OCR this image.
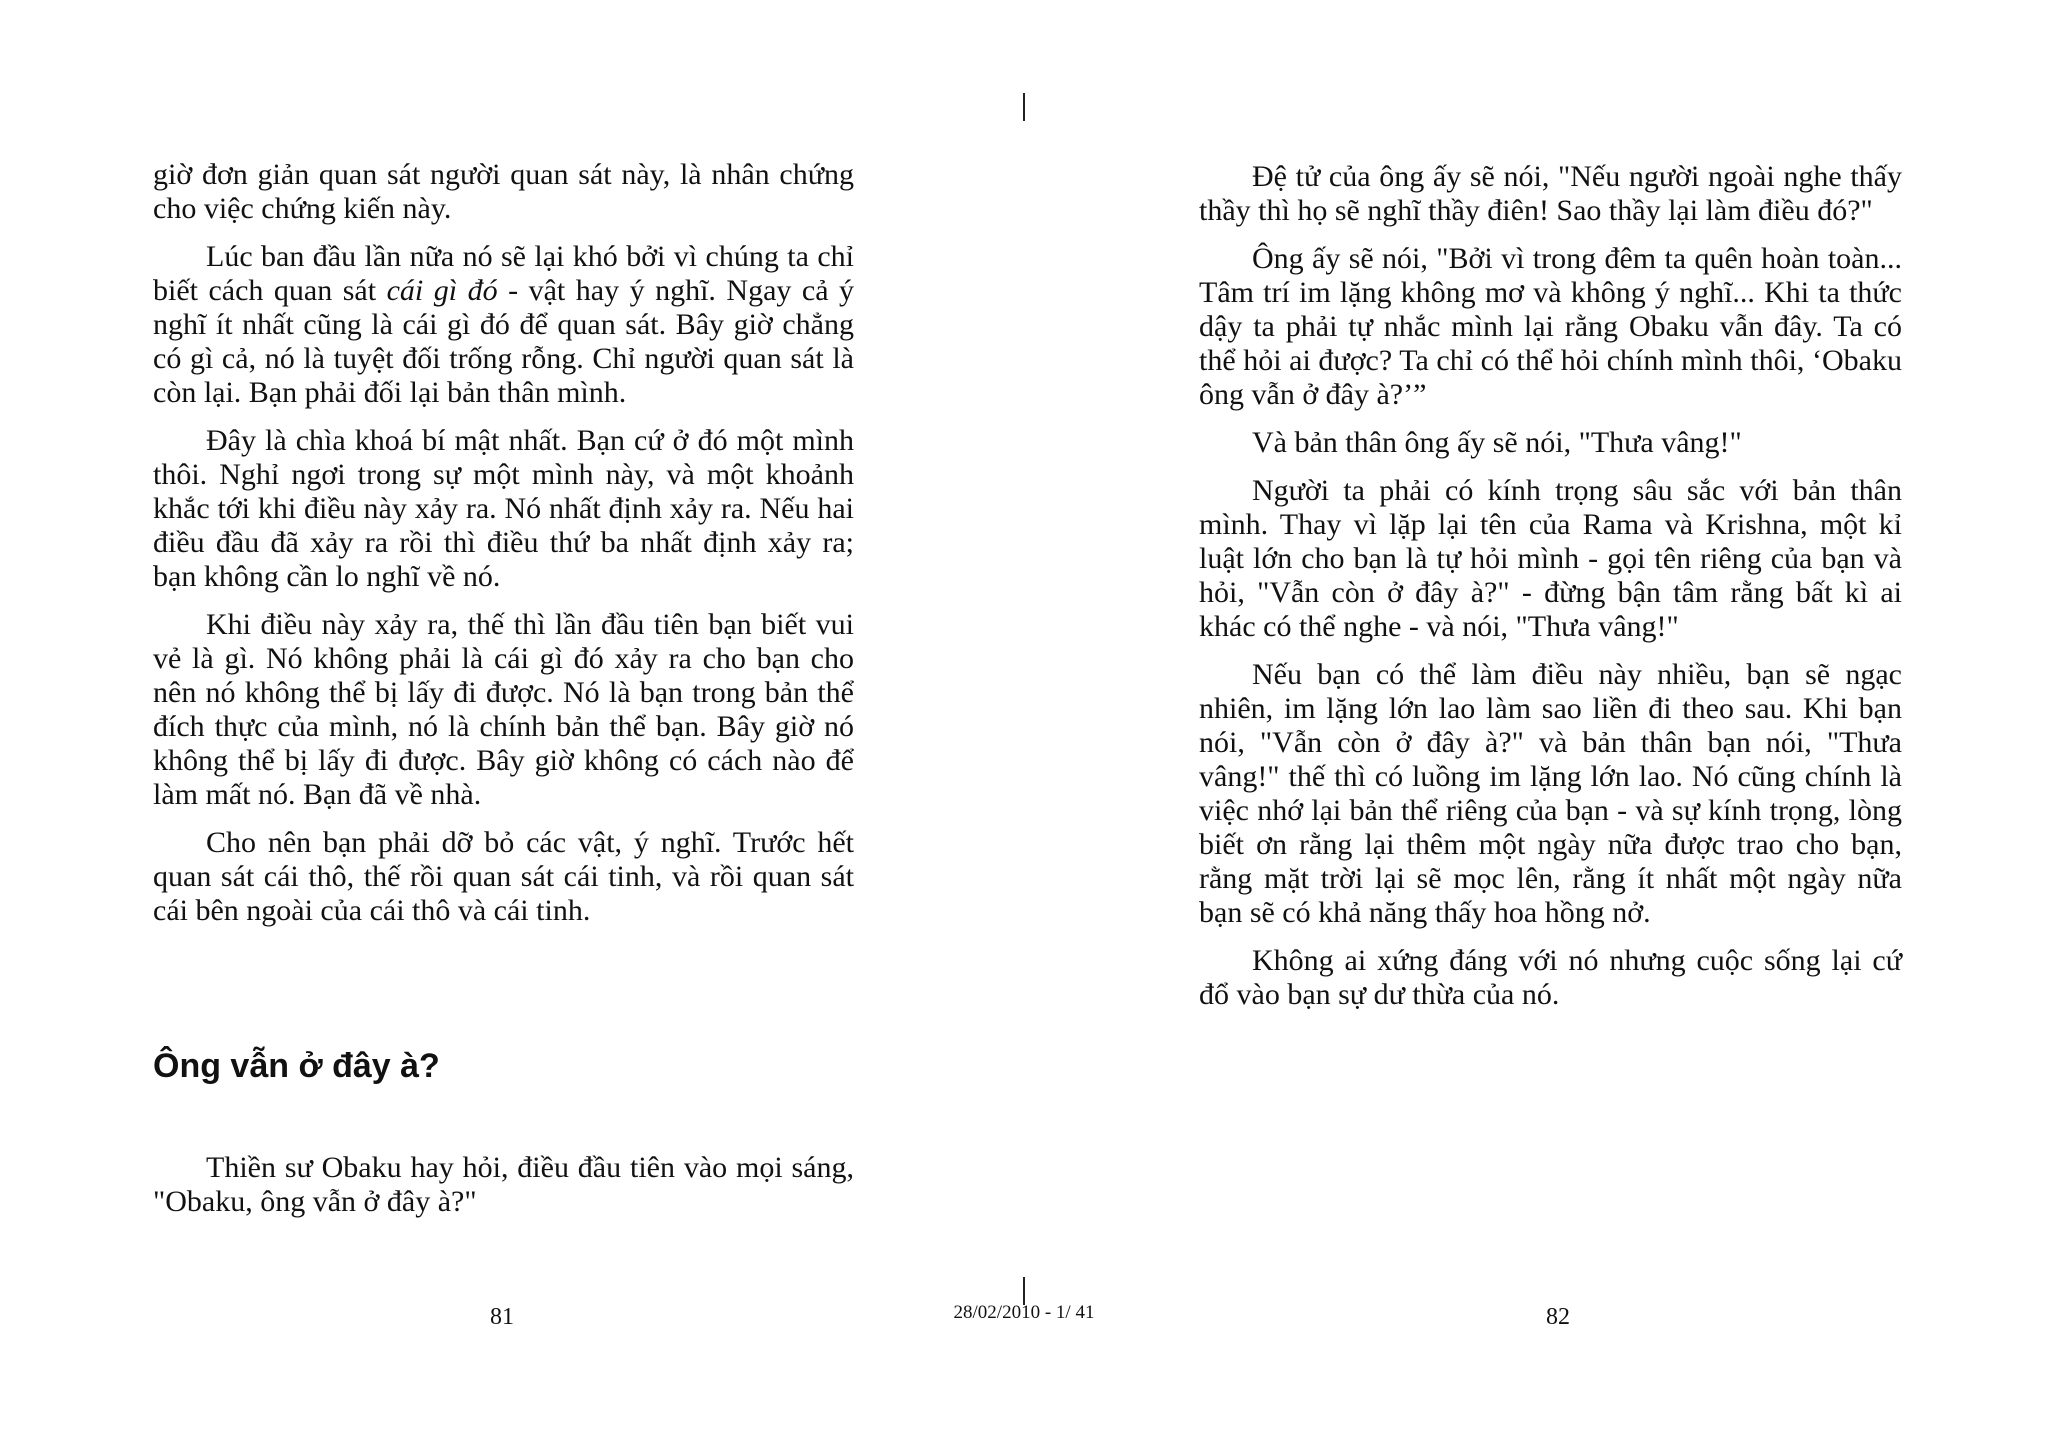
giờ đơn giản quan sát người quan sát này, là nhân chứng cho việc chứng kiến này.

Lúc ban đầu lần nữa nó sẽ lại khó bởi vì chúng ta chỉ biết cách quan sát cái gì đó - vật hay ý nghĩ. Ngay cả ý nghĩ ít nhất cũng là cái gì đó để quan sát. Bây giờ chẳng có gì cả, nó là tuyệt đối trống rỗng. Chỉ người quan sát là còn lại. Bạn phải đối lại bản thân mình.

Đây là chìa khoá bí mật nhất. Bạn cứ ở đó một mình thôi. Nghỉ ngơi trong sự một mình này, và một khoảnh khắc tới khi điều này xảy ra. Nó nhất định xảy ra. Nếu hai điều đầu đã xảy ra rồi thì điều thứ ba nhất định xảy ra; bạn không cần lo nghĩ về nó.

Khi điều này xảy ra, thế thì lần đầu tiên bạn biết vui vẻ là gì. Nó không phải là cái gì đó xảy ra cho bạn cho nên nó không thể bị lấy đi được. Nó là bạn trong bản thể đích thực của mình, nó là chính bản thể bạn. Bây giờ nó không thể bị lấy đi được. Bây giờ không có cách nào để làm mất nó. Bạn đã về nhà.

Cho nên bạn phải dỡ bỏ các vật, ý nghĩ. Trước hết quan sát cái thô, thế rồi quan sát cái tinh, và rồi quan sát cái bên ngoài của cái thô và cái tinh.

Ông vẫn ở đây à?

Thiền sư Obaku hay hỏi, điều đầu tiên vào mọi sáng, "Obaku, ông vẫn ở đây à?"

81	28/02/2010 - 1/ 41

Đệ tử của ông ấy sẽ nói, "Nếu người ngoài nghe thấy thầy thì họ sẽ nghĩ thầy điên! Sao thầy lại làm điều đó?"

Ông ấy sẽ nói, "Bởi vì trong đêm ta quên hoàn toàn... Tâm trí im lặng không mơ và không ý nghĩ... Khi ta thức dậy ta phải tự nhắc mình lại rằng Obaku vẫn đây. Ta có thể hỏi ai được? Ta chỉ có thể hỏi chính mình thôi, ‘Obaku ông vẫn ở đây à?’”

Và bản thân ông ấy sẽ nói, "Thưa vâng!"

Người ta phải có kính trọng sâu sắc với bản thân mình. Thay vì lặp lại tên của Rama và Krishna, một kỉ luật lớn cho bạn là tự hỏi mình - gọi tên riêng của bạn và hỏi, "Vẫn còn ở đây à?" - đừng bận tâm rằng bất kì ai khác có thể nghe - và nói, "Thưa vâng!"

Nếu bạn có thể làm điều này nhiều, bạn sẽ ngạc nhiên, im lặng lớn lao làm sao liền đi theo sau. Khi bạn nói, "Vẫn còn ở đây à?" và bản thân bạn nói, "Thưa vâng!" thế thì có luồng im lặng lớn lao. Nó cũng chính là việc nhớ lại bản thể riêng của bạn - và sự kính trọng, lòng biết ơn rằng lại thêm một ngày nữa được trao cho bạn, rằng mặt trời lại sẽ mọc lên, rằng ít nhất một ngày nữa bạn sẽ có khả năng thấy hoa hồng nở.

Không ai xứng đáng với nó nhưng cuộc sống lại cứ đổ vào bạn sự dư thừa của nó.

82
